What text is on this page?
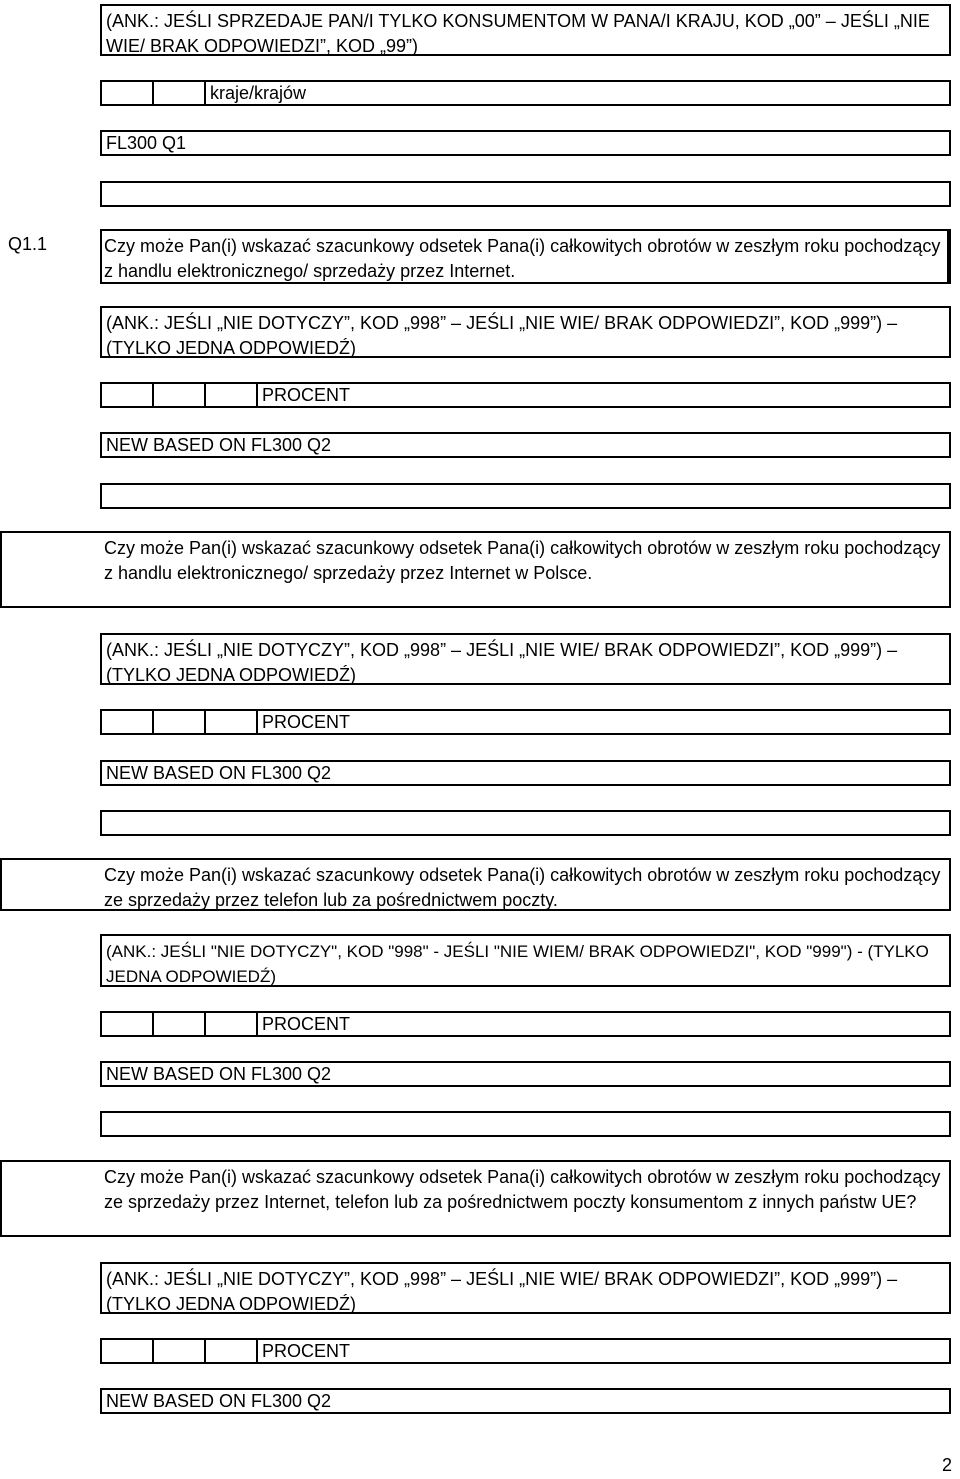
(ANK.: JEŚLI SPRZEDAJE PAN/I TYLKO KONSUMENTOM W PANA/I KRAJU, KOD „00” – JEŚLI „NIE WIE/ BRAK ODPOWIEDZI”, KOD „99”)
kraje/krajów
FL300 Q1
Q1.1	Czy może Pan(i) wskazać szacunkowy odsetek Pana(i) całkowitych obrotów w zeszłym roku pochodzący z handlu elektronicznego/ sprzedaży przez Internet.
(ANK.: JEŚLI „NIE DOTYCZY”, KOD „998” – JEŚLI „NIE WIE/ BRAK ODPOWIEDZI”, KOD „999”) – (TYLKO JEDNA ODPOWIEDŹ)
PROCENT
NEW BASED ON FL300 Q2
Czy może Pan(i) wskazać szacunkowy odsetek Pana(i) całkowitych obrotów w zeszłym roku pochodzący z handlu elektronicznego/ sprzedaży przez Internet w Polsce.
(ANK.: JEŚLI „NIE DOTYCZY”, KOD „998” – JEŚLI „NIE WIE/ BRAK ODPOWIEDZI”, KOD „999”) – (TYLKO JEDNA ODPOWIEDŹ)
PROCENT
NEW BASED ON FL300 Q2
Czy może Pan(i) wskazać szacunkowy odsetek Pana(i) całkowitych obrotów w zeszłym roku pochodzący ze sprzedaży przez telefon lub za pośrednictwem poczty.
(ANK.: JEŚLI "NIE DOTYCZY", KOD "998" - JEŚLI "NIE WIEM/ BRAK ODPOWIEDZI", KOD "999") - (TYLKO JEDNA ODPOWIEDŹ)
PROCENT
NEW BASED ON FL300 Q2
Czy może Pan(i) wskazać szacunkowy odsetek Pana(i) całkowitych obrotów w zeszłym roku pochodzący ze sprzedaży przez Internet, telefon lub za pośrednictwem poczty konsumentom z innych państw UE?
(ANK.: JEŚLI „NIE DOTYCZY”, KOD „998” – JEŚLI „NIE WIE/ BRAK ODPOWIEDZI”, KOD „999”) – (TYLKO JEDNA ODPOWIEDŹ)
PROCENT
NEW BASED ON FL300 Q2
2
